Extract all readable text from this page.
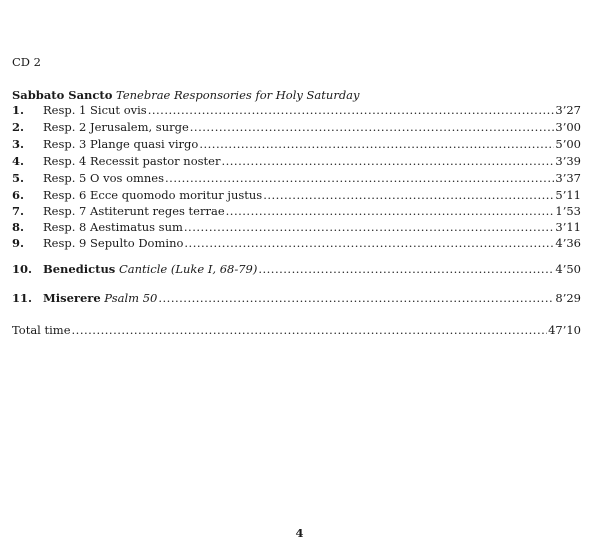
CD 2
Sabbato Sancto Tenebrae Responsories for Holy Saturday
1.	Resp. 1 Sicut ovis .....	3’27
2.	Resp. 2 Jerusalem, surge .....	3’00
3.	Resp. 3 Plange quasi virgo .....	5’00
4.	Resp. 4 Recessit pastor noster .....	3’39
5.	Resp. 5 O vos omnes .....	3’37
6.	Resp. 6 Ecce quomodo moritur justus .....	5’11
7.	Resp. 7 Astiterunt reges terrae .....	1’53
8.	Resp. 8 Aestimatus sum .....	3’11
9.	Resp. 9 Sepulto Domino .....	4’36
10. Benedictus Canticle (Luke I, 68-79) .....	4’50
11. Miserere Psalm 50 .....	8’29
Total time .....	47’10
4
